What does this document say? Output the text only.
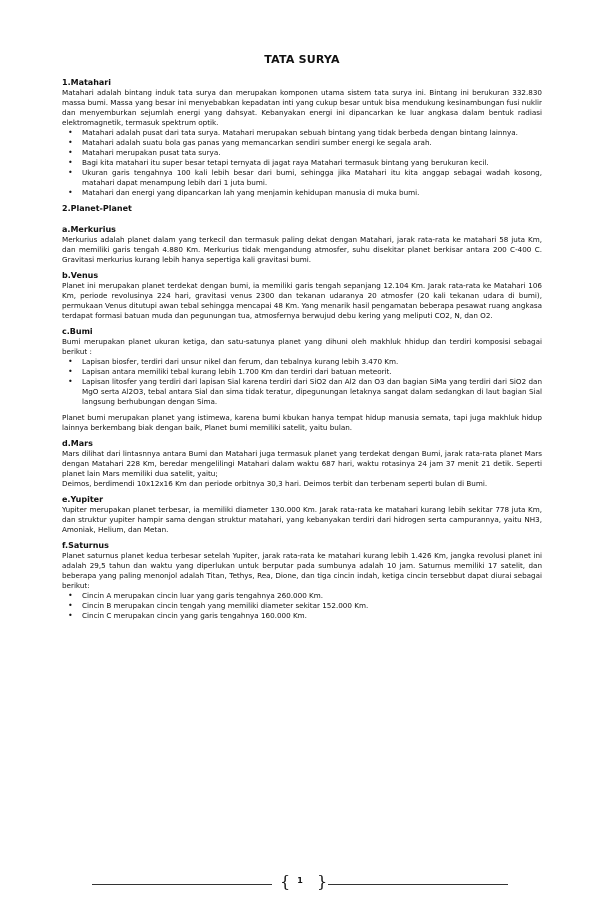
TATA SURYA

1.Matahari

Matahari adalah bintang induk tata surya dan merupakan komponen utama sistem tata surya ini. Bintang ini berukuran 332.830 massa bumi. Massa yang besar ini menyebabkan kepadatan inti yang cukup besar untuk bisa mendukung kesinambungan fusi nuklir dan menyemburkan sejumlah energi yang dahsyat. Kebanyakan energi ini dipancarkan ke luar angkasa dalam bentuk radiasi elektromagnetik, termasuk spektrum optik.

• Matahari adalah pusat dari tata surya. Matahari merupakan sebuah bintang yang tidak berbeda dengan bintang lainnya.
• Matahari adalah suatu bola gas panas yang memancarkan sendiri sumber energi ke segala arah.
• Matahari merupakan pusat tata surya.
• Bagi kita matahari itu super besar tetapi ternyata di jagat raya Matahari termasuk bintang yang berukuran kecil.
• Ukuran garis tengahnya 100 kali lebih besar dari bumi, sehingga jika Matahari itu kita anggap sebagai wadah kosong, matahari dapat menampung lebih dari 1 juta bumi.
• Matahari dan energi yang dipancarkan lah yang menjamin kehidupan manusia di muka bumi.

2.Planet-Planet

a.Merkurius

Merkurius adalah planet dalam yang terkecil dan termasuk paling dekat dengan Matahari, jarak rata-rata ke matahari 58 juta Km, dan memiliki garis tengah 4.880 Km. Merkurius tidak mengandung atmosfer, suhu disekitar planet berkisar antara 200 C-400 C. Gravitasi merkurius kurang lebih hanya sepertiga kali gravitasi bumi.

b.Venus

Planet ini merupakan planet terdekat dengan bumi, ia memiliki garis tengah sepanjang 12.104 Km. Jarak rata-rata ke Matahari 106 Km, periode revolusinya 224 hari, gravitasi venus 2300 dan tekanan udaranya 20 atmosfer (20 kali tekanan udara di bumi), permukaan Venus ditutupi awan tebal sehingga mencapai 48 Km. Yang menarik hasil pengamatan beberapa pesawat ruang angkasa terdapat formasi batuan muda dan pegunungan tua, atmosfernya berwujud debu kering yang meliputi CO2, N, dan O2.

c.Bumi

Bumi merupakan planet ukuran ketiga, dan satu-satunya planet yang dihuni oleh makhluk hhidup dan terdiri komposisi sebagai berikut :

• Lapisan biosfer, terdiri dari unsur nikel dan ferum, dan tebalnya kurang lebih 3.470 Km.
• Lapisan antara memiliki tebal kurang lebih 1.700 Km dan terdiri dari batuan meteorit.
• Lapisan litosfer yang terdiri dari lapisan Sial karena terdiri dari SiO2 dan Al2 dan O3 dan bagian SiMa yang terdiri dari SiO2 dan MgO serta Al2O3, tebal antara Sial dan sima tidak teratur, dipegunungan letaknya sangat dalam sedangkan di laut bagian Sial langsung berhubungan dengan Sima.

Planet bumi merupakan planet yang istimewa, karena bumi kbukan hanya tempat hidup manusia semata, tapi juga makhluk hidup lainnya berkembang biak dengan baik, Planet bumi memiliki satelit, yaitu bulan.

d.Mars

Mars dilihat dari lintasnnya antara Bumi dan Matahari juga termasuk planet yang terdekat dengan Bumi, jarak rata-rata planet Mars dengan Matahari 228 Km, beredar mengelilingi Matahari dalam waktu 687 hari, waktu rotasinya 24 jam 37 menit 21 detik. Seperti planet lain Mars memiliki dua satelit, yaitu;

Deimos, berdimendi 10x12x16 Km dan periode orbitnya 30,3 hari. Deimos terbit dan terbenam seperti bulan di Bumi.

e.Yupiter

Yupiter merupakan planet terbesar, ia memiliki diameter 130.000 Km. Jarak rata-rata ke matahari kurang lebih sekitar 778 juta Km, dan struktur yupiter hampir sama dengan struktur matahari, yang kebanyakan terdiri dari hidrogen serta campurannya, yaitu NH3, Amoniak, Helium, dan Metan.

f.Saturnus

Planet saturnus planet kedua terbesar setelah Yupiter, jarak rata-rata ke matahari kurang lebih 1.426 Km, jangka revolusi planet ini adalah 29,5 tahun dan waktu yang diperlukan untuk berputar pada sumbunya adalah 10 jam. Saturnus memiliki 17 satelit, dan beberapa yang paling menonjol adalah Titan, Tethys, Rea, Dione, dan tiga cincin indah, ketiga cincin tersebbut dapat diurai sebagai berikut:

• Cincin A merupakan cincin luar yang garis tengahnya 260.000 Km.
• Cincin B merupakan cincin tengah yang memiliki diameter sekitar 152.000 Km.
• Cincin C merupakan cincin yang garis tengahnya 160.000 Km.
{ 1 }
